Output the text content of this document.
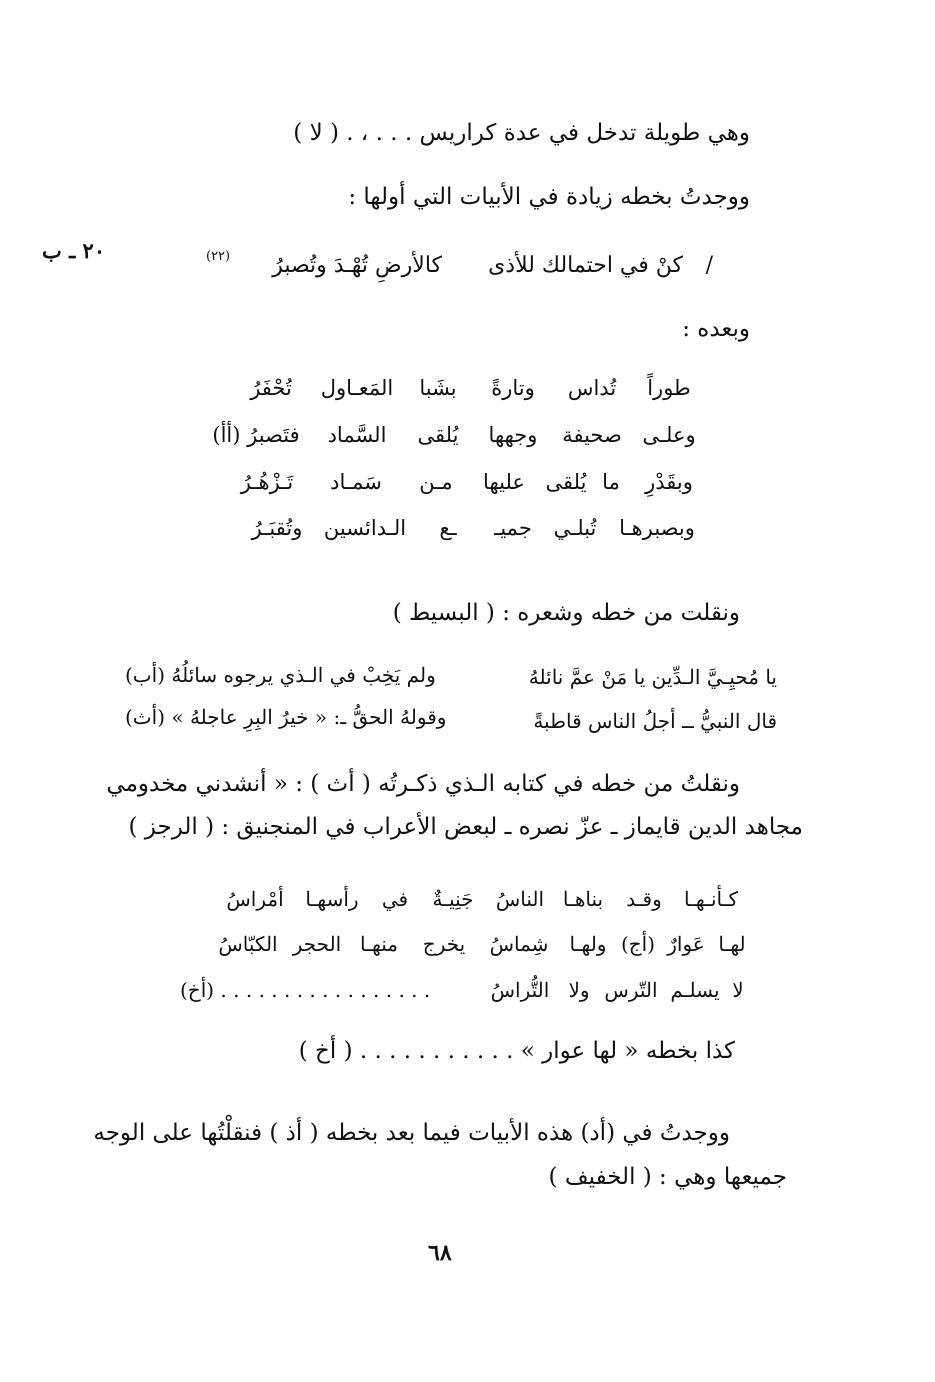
٢٠ ـ ب
وهي طويلة تدخل في عدة كراريس . . . ، . ( لا )
ووجدتُ بخطه زيادة في الأبيات التي أولها :
/
كنْ في احتمالك للأذى
كالأرضِ تُهْـدَ وتُصبرُ
(٢٢)
وبعده :
طوراً
تُداس
وتارةً
بشَبا
المَعـاول
تُحْفَرُ
وعلـى
صحيفة
وجهها
يُلقى
السَّماد
فتَصبرُ (أأ)
وبقَدْرِ
ما
يُلقى
عليها
مـن
سَمـاد
تَـزْهُـرُ
وبصبرهـا
تُبلـي
جميـ
ـع
الـدائسين
وتُقبَـرُ
ونقلت من خطه وشعره : ( البسيط )
يا مُحيِـيَّ الـدِّين يا مَنْ عمَّ نائلهُ
ولم يَخِبْ في الـذي يرجوه سائلُهُ (أب)
قال النبيُّ ــ أجلُ الناس قاطبةً
وقولهُ الحقُّ ـ: « خيرُ البِرِ عاجلهُ » (أث)
ونقلتُ من خطه في كتابه الـذي ذكـرتُه ( أث ) : « أنشدني مخدومي
مجاهد الدين قايماز ـ عزّ نصره ـ لبعض الأعراب في المنجنيق : ( الرجز )
كـأنـهـا
وقـد
بناهـا
الناسُ
جَنِيـةٌ
في
رأسهـا
أمْراسُ
لهـا
عَوارٌ
(أج)
ولهـا
شِماسُ
يخرج
منهـا
الحجر
الكبّاسُ
لا
يسلـم
التّرس
ولا
التُّراسُ
. . . . . . . . . . . . . . . . . (أخ)
كذا بخطه « لها عوار » . . . . . . . . . . . ( أخ )
ووجدتُ في (أد) هذه الأبيات فيما بعد بخطه ( أذ ) فنقلْتُها على الوجه
جميعها وهي : ( الخفيف )
٦٨
